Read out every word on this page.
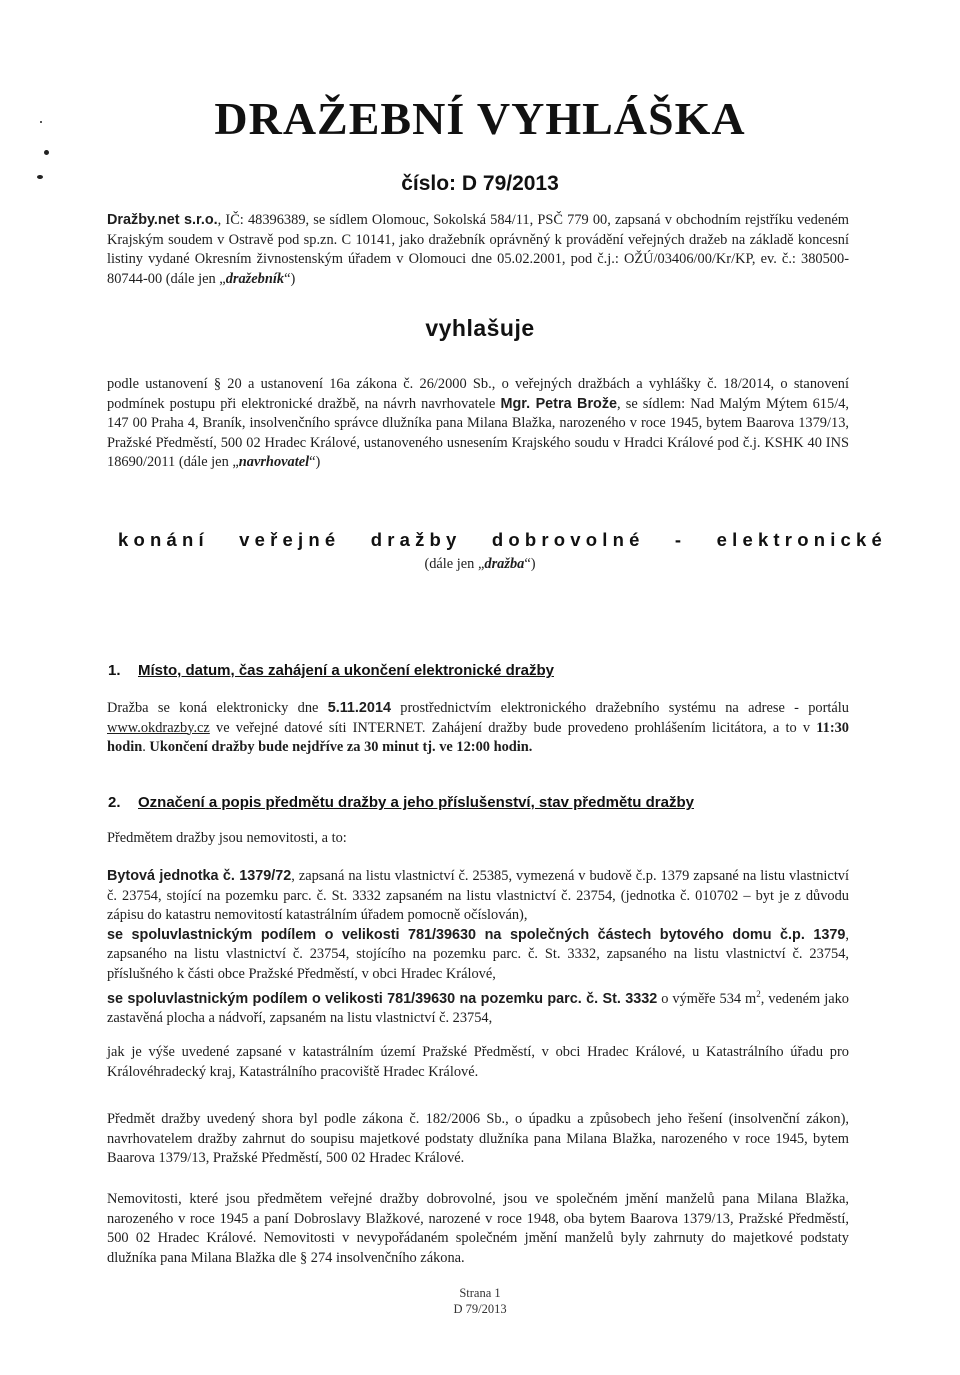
DRAŽEBNÍ VYHLÁŠKA
číslo: D 79/2013

Dražby.net s.r.o., IČ: 48396389, se sídlem Olomouc, Sokolská 584/11, PSČ 779 00, zapsaná v obchodním rejstříku vedeném Krajským soudem v Ostravě pod sp.zn. C 10141, jako dražebník oprávněný k provádění veřejných dražeb na základě koncesní listiny vydané Okresním živnostenským úřadem v Olomouci dne 05.02.2001, pod č.j.: OŽÚ/03406/00/Kr/KP, ev. č.: 380500-80744-00 (dále jen „dražebník“)

vyhlašuje

podle ustanovení § 20 a ustanovení 16a zákona č. 26/2000 Sb., o veřejných dražbách a vyhlášky č. 18/2014, o stanovení podmínek postupu při elektronické dražbě, na návrh navrhovatele Mgr. Petra Brože, se sídlem: Nad Malým Mýtem 615/4, 147 00 Praha 4, Braník, insolvenčního správce dlužníka pana Milana Blažka, narozeného v roce 1945, bytem Baarova 1379/13, Pražské Předměstí, 500 02 Hradec Králové, ustanoveného usnesením Krajského soudu v Hradci Králové pod č.j. KSHK 40 INS 18690/2011 (dále jen „navrhovatel“)

konání veřejné dražby dobrovolné - elektronické
(dále jen „dražba“)
1. Místo, datum, čas zahájení a ukončení elektronické dražby

Dražba se koná elektronicky dne 5.11.2014 prostřednictvím elektronického dražebního systému na adrese - portálu www.okdrazby.cz ve veřejné datové síti INTERNET. Zahájení dražby bude provedeno prohlášením licitátora, a to v 11:30 hodin. Ukončení dražby bude nejdříve za 30 minut tj. ve 12:00 hodin.

2. Označení a popis předmětu dražby a jeho příslušenství, stav předmětu dražby

Předmětem dražby jsou nemovitosti, a to:

Bytová jednotka č. 1379/72, zapsaná na listu vlastnictví č. 25385, vymezená v budově č.p. 1379 zapsané na listu vlastnictví č. 23754, stojící na pozemku parc. č. St. 3332 zapsaném na listu vlastnictví č. 23754, (jednotka č. 010702 – byt je z důvodu zápisu do katastru nemovitostí katastrálním úřadem pomocně očíslován),
se spoluvlastnickým podílem o velikosti 781/39630 na společných částech bytového domu č.p. 1379, zapsaného na listu vlastnictví č. 23754, stojícího na pozemku parc. č. St. 3332, zapsaného na listu vlastnictví č. 23754, příslušného k části obce Pražské Předměstí, v obci Hradec Králové,
se spoluvlastnickým podílem o velikosti 781/39630 na pozemku parc. č. St. 3332 o výměře 534 $m^2$, vedeném jako zastavěná plocha a nádvoří, zapsaném na listu vlastnictví č. 23754,

jak je výše uvedené zapsané v katastrálním území Pražské Předměstí, v obci Hradec Králové, u Katastrálního úřadu pro Královéhradecký kraj, Katastrálního pracoviště Hradec Králové.

Předmět dražby uvedený shora byl podle zákona č. 182/2006 Sb., o úpadku a způsobech jeho řešení (insolvenční zákon), navrhovatelem dražby zahrnut do soupisu majetkové podstaty dlužníka pana Milana Blažka, narozeného v roce 1945, bytem Baarova 1379/13, Pražské Předměstí, 500 02 Hradec Králové.

Nemovitosti, které jsou předmětem veřejné dražby dobrovolné, jsou ve společném jmění manželů pana Milana Blažka, narozeného v roce 1945 a paní Dobroslavy Blažkové, narozené v roce 1948, oba bytem Baarova 1379/13, Pražské Předměstí, 500 02 Hradec Králové. Nemovitosti v nevypořádaném společném jmění manželů byly zahrnuty do majetkové podstaty dlužníka pana Milana Blažka dle § 274 insolvenčního zákona.

Strana 1
D 79/2013
